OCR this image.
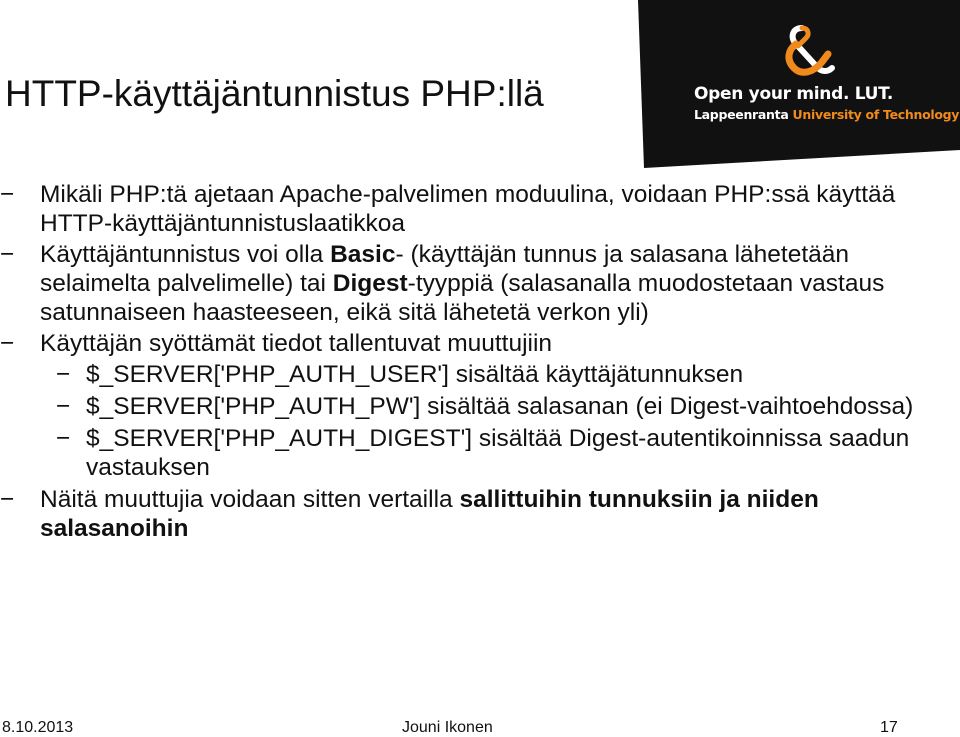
HTTP-käyttäjäntunnistus PHP:llä	Open your mind. LUT.
Lappeenranta University of Technology
−	Mikäli PHP:tä ajetaan Apache-palvelimen moduulina, voidaan PHP:ssä käyttää HTTP-käyttäjäntunnistuslaatikkoa
−	Käyttäjäntunnistus voi olla Basic- (käyttäjän tunnus ja salasana lähetetään selaimelta palvelimelle) tai Digest-tyyppiä (salasanalla muodostetaan vastaus satunnaiseen haasteeseen, eikä sitä lähetetä verkon yli)
−	Käyttäjän syöttämät tiedot tallentuvat muuttujiin
− $_SERVER['PHP_AUTH_USER'] sisältää käyttäjätunnuksen
− $_SERVER['PHP_AUTH_PW'] sisältää salasanan (ei Digest-vaihtoehdossa)
− $_SERVER['PHP_AUTH_DIGEST'] sisältää Digest-autentikoinnissa saadun vastauksen
−	Näitä muuttujia voidaan sitten vertailla sallittuihin tunnuksiin ja niiden salasanoihin
8.10.2013	Jouni Ikonen	17
